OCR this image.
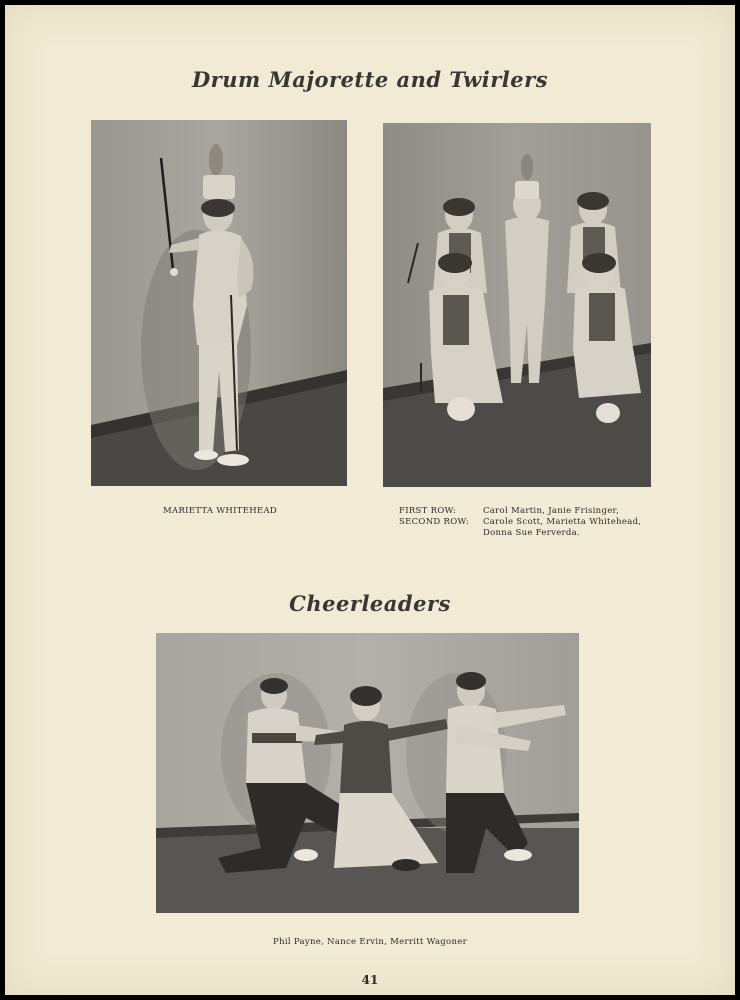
Drum Majorette and Twirlers
MARIETTA WHITEHEAD	FIRST ROW:	Carol Martin, Janie Frisinger,
SECOND ROW: Carole Scott, Marietta Whitehead,
Donna Sue Ferverda.
Cheerleaders
Phil Payne, Nance Ervin, Merritt Wagoner
41
